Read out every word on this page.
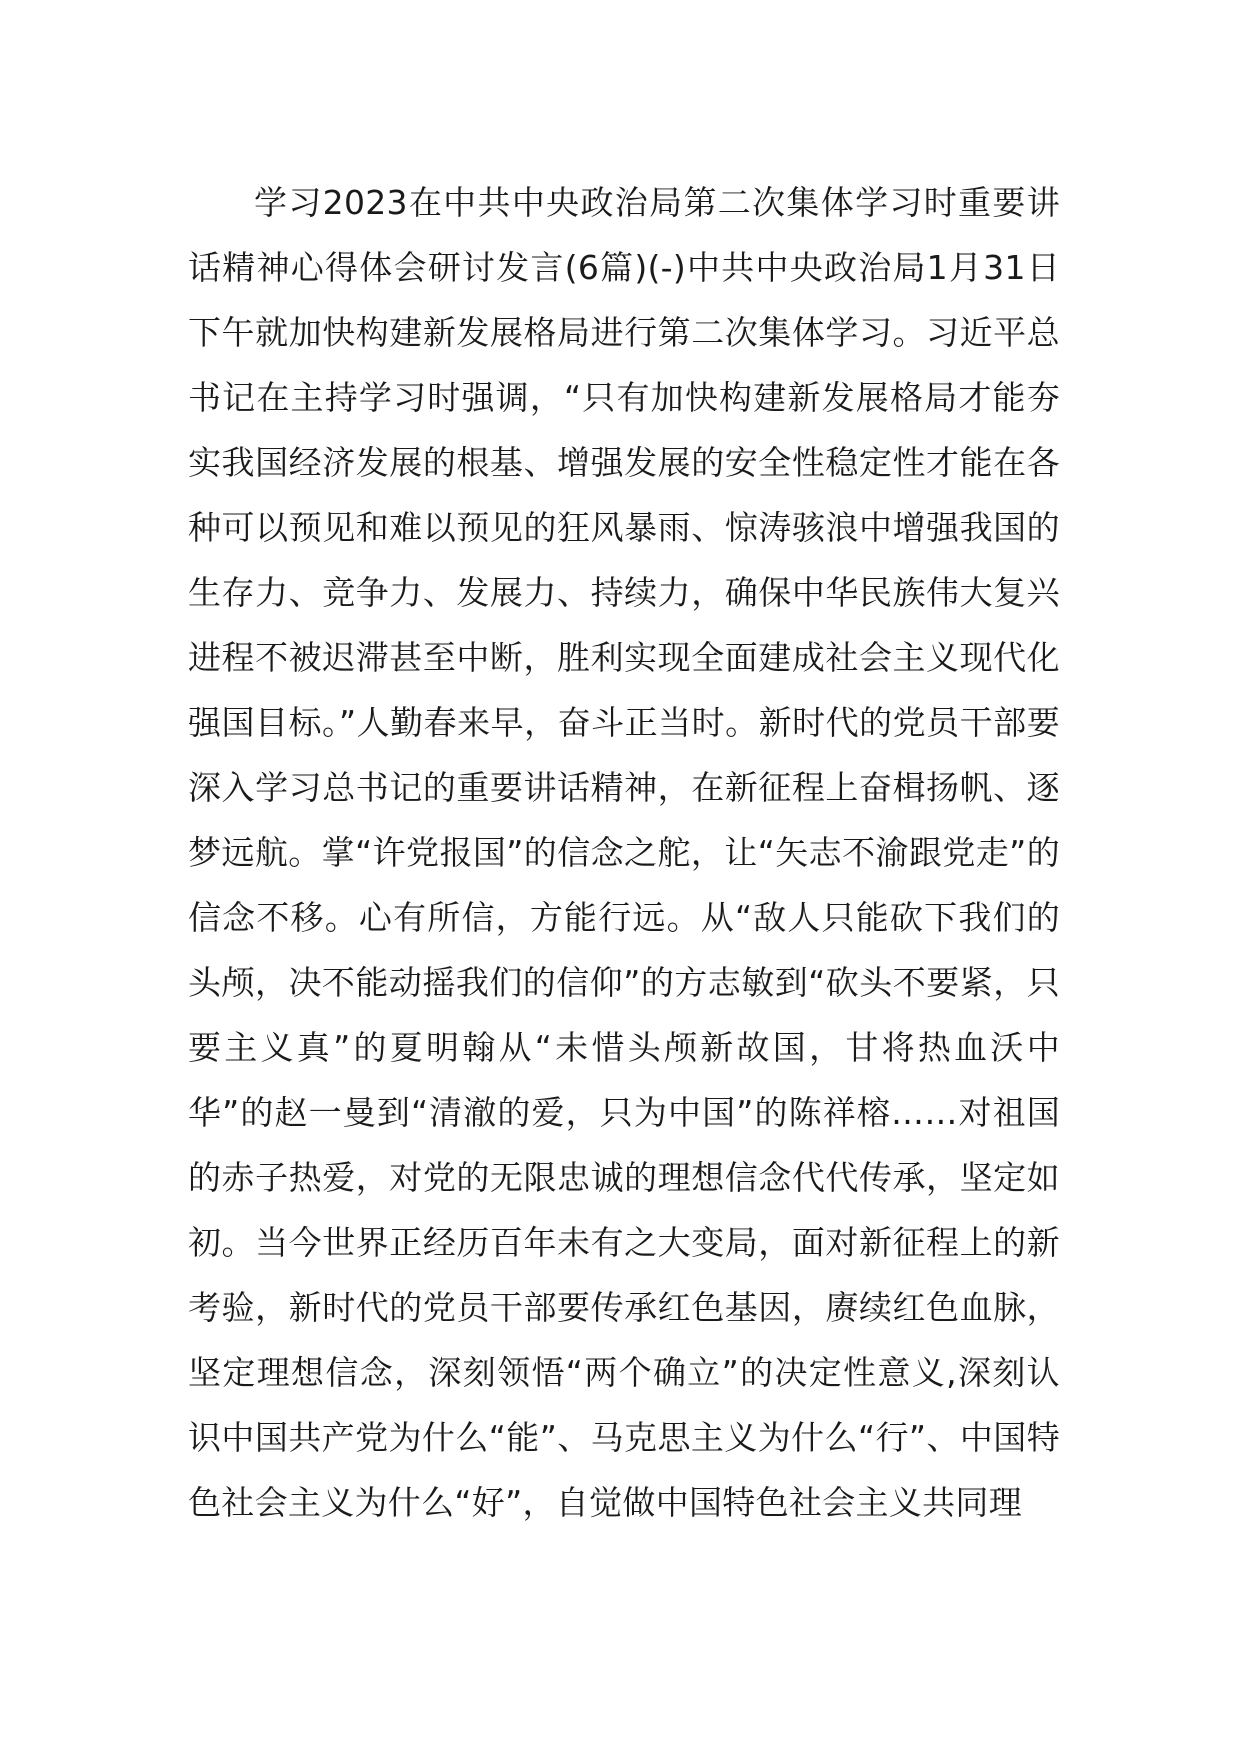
学习2023在中共中央政治局第二次集体学习时重要讲话精神心得体会研讨发言(6篇)(-)中共中央政治局1月31日下午就加快构建新发展格局进行第二次集体学习。习近平总书记在主持学习时强调，“只有加快构建新发展格局才能夯实我国经济发展的根基、增强发展的安全性稳定性才能在各种可以预见和难以预见的狂风暴雨、惊涛骇浪中增强我国的生存力、竞争力、发展力、持续力，确保中华民族伟大复兴进程不被迟滞甚至中断，胜利实现全面建成社会主义现代化强国目标。”人勤春来早，奋斗正当时。新时代的党员干部要深入学习总书记的重要讲话精神，在新征程上奋楫扬帆、逐梦远航。掌“许党报国”的信念之舵，让“矢志不渝跟党走”的信念不移。心有所信，方能行远。从“敌人只能砍下我们的头颅，决不能动摇我们的信仰”的方志敏到“砍头不要紧，只要主义真”的夏明翰从“未惜头颅新故国，甘将热血沃中华”的赵一曼到“清澈的爱，只为中国”的陈祥榕……对祖国的赤子热爱，对党的无限忠诚的理想信念代代传承，坚定如初。当今世界正经历百年未有之大变局，面对新征程上的新考验，新时代的党员干部要传承红色基因，赓续红色血脉，坚定理想信念，深刻领悟“两个确立”的决定性意义,深刻认识中国共产党为什么“能”、马克思主义为什么“行”、中国特色社会主义为什么“好”，自觉做中国特色社会主义共同理
